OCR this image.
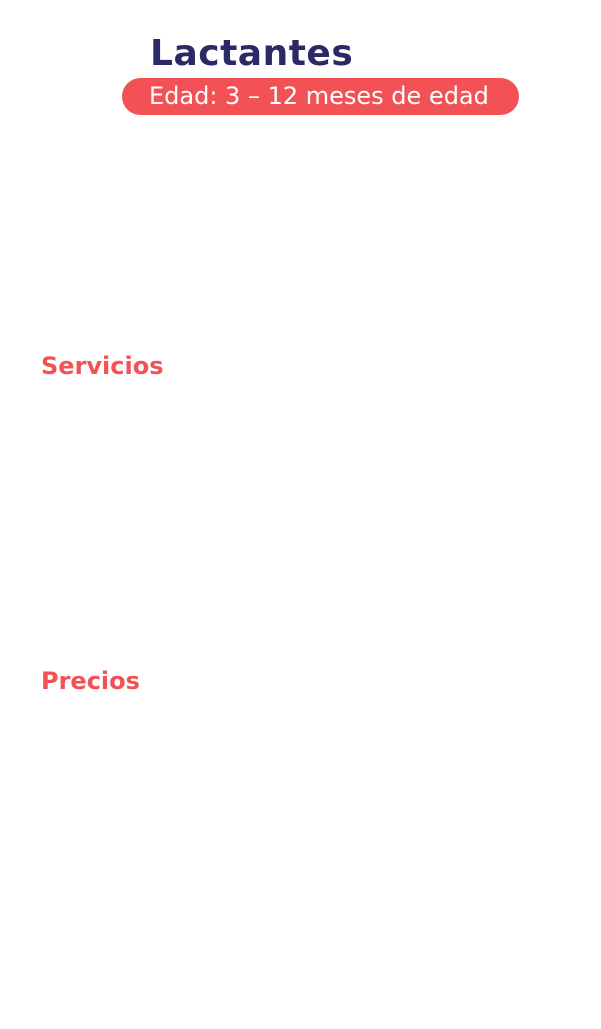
Lactantes
Edad: 3 – 12 meses de edad
Servicios
Precios
